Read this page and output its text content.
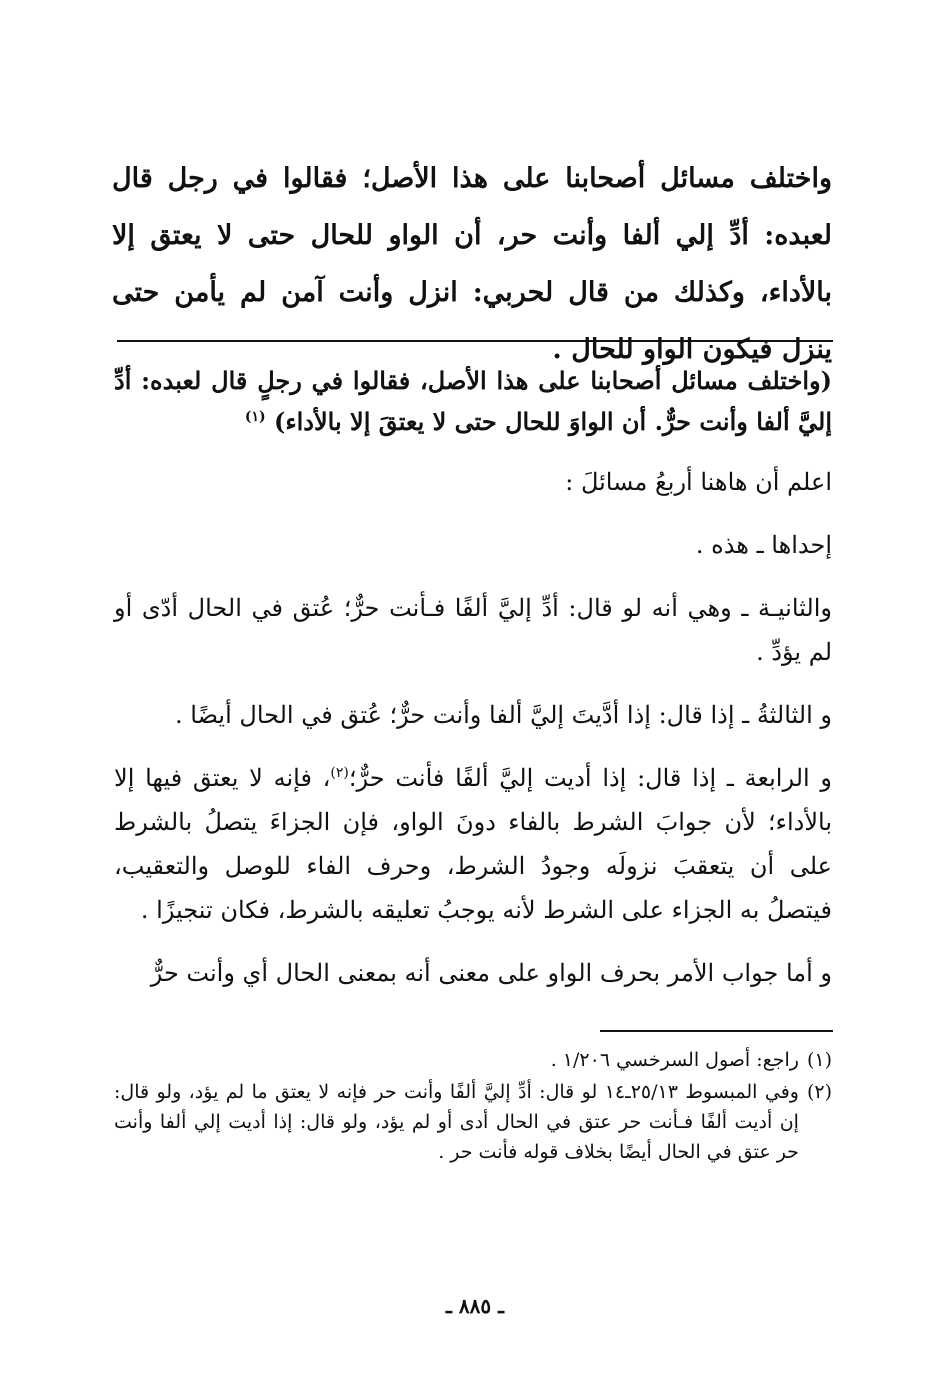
واختلف مسائل أصحابنا على هذا الأصل؛ فقالوا في رجل قال لعبده: أدِّ إلي ألفا وأنت حر، أن الواو للحال حتى لا يعتق إلا بالأداء، وكذلك من قال لحربي: انزل وأنت آمن لم يأمن حتى ينزل فيكون الواو للحال .

(واختلف مسائل أصحابنا على هذا الأصل، فقالوا في رجلٍ قال لعبده: أدِّ إليَّ ألفا وأنت حرٌّ. أن الواوَ للحال حتى لا يعتقَ إلا بالأداء) $^{(١)}$

اعلم أن هاهنا أربعُ مسائلَ :

إحداها ـ هذه .

والثانيـة ـ وهي أنه لو قال: أدِّ إليَّ ألفًا فـأنت حرٌّ؛ عُتق في الحال أدّى أو لم يؤدِّ .

و الثالثةُ ـ إذا قال: إذا أدَّيتَ إليَّ ألفا وأنت حرٌّ؛ عُتق في الحال أيضًا .

و الرابعة ـ إذا قال: إذا أديت إليَّ ألفًا فأنت حرٌّ؛$^{(٢)}$، فإنه لا يعتق فيها إلا بالأداء؛ لأن جوابَ الشرط بالفاء دونَ الواو، فإن الجزاءَ يتصلُ بالشرط على أن يتعقبَ نزولَه وجودُ الشرط، وحرف الفاء للوصل والتعقيب، فيتصلُ به الجزاء على الشرط لأنه يوجبُ تعليقه بالشرط، فكان تنجيزًا .

و أما جواب الأمر بحرف الواو على معنى أنه بمعنى الحال أي وأنت حرٌّ

(١)
راجع: أصول السرخسي ١/٢٠٦ .
(٢)
وفي المبسوط ٢٥/١٣ـ١٤ لو قال: أدِّ إليَّ ألفًا وأنت حر فإنه لا يعتق ما لم يؤد، ولو قال: إن أديت ألفًا فـأنت حر عتق في الحال أدى أو لم يؤد، ولو قال: إذا أديت إلي ألفا وأنت حر عتق في الحال أيضًا بخلاف قوله فأنت حر .
ـ ٨٨٥ ـ
